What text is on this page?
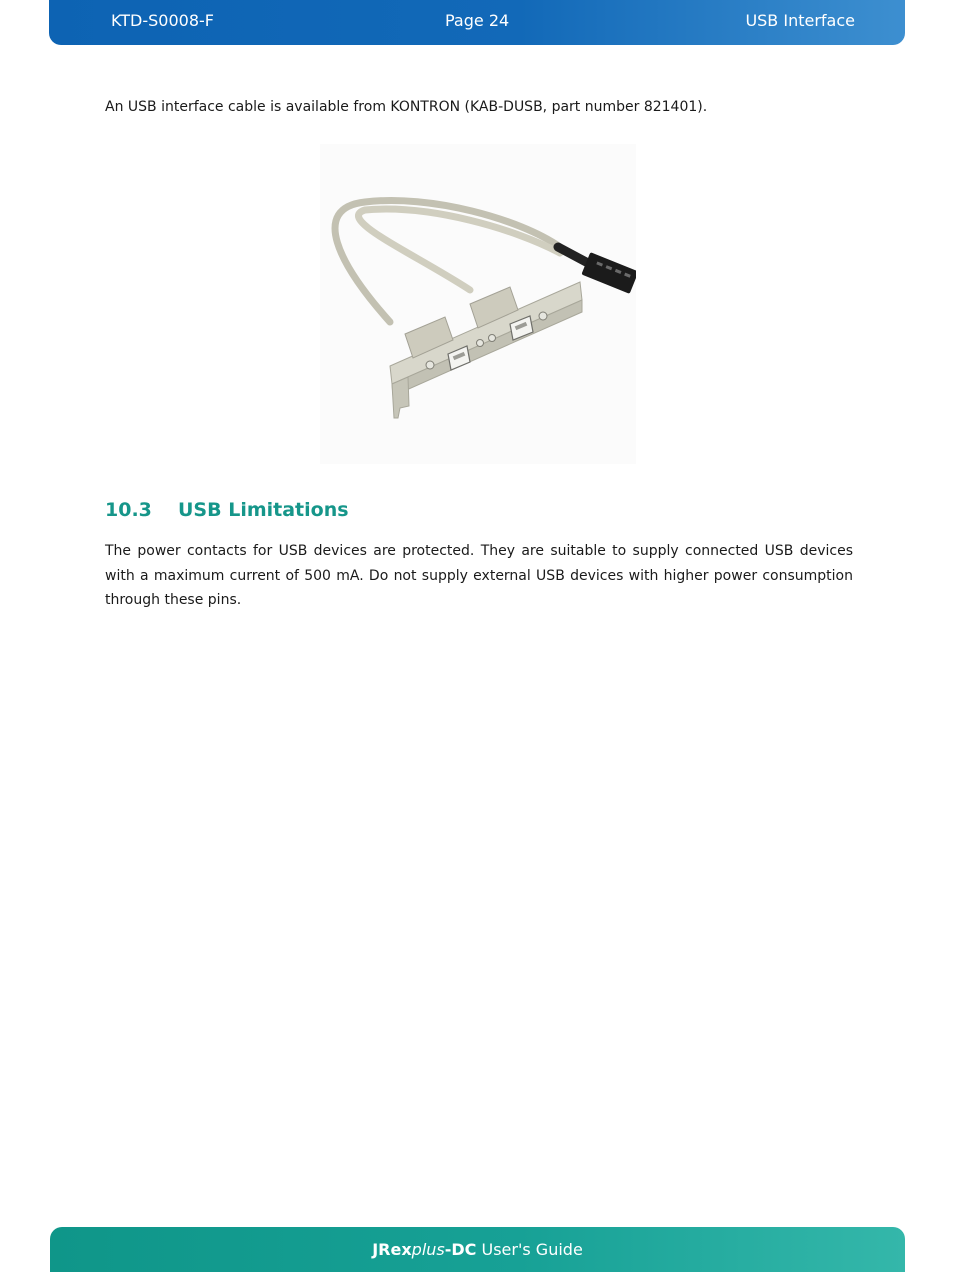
KTD-S0008-F	Page 24	USB Interface

An USB interface cable is available from KONTRON (KAB-DUSB, part number 821401).

10.3 USB Limitations

The power contacts for USB devices are protected. They are suitable to supply connected USB devices with a maximum current of 500 mA. Do not supply external USB devices with higher power consumption through these pins.

JRexplus-DC User's Guide
